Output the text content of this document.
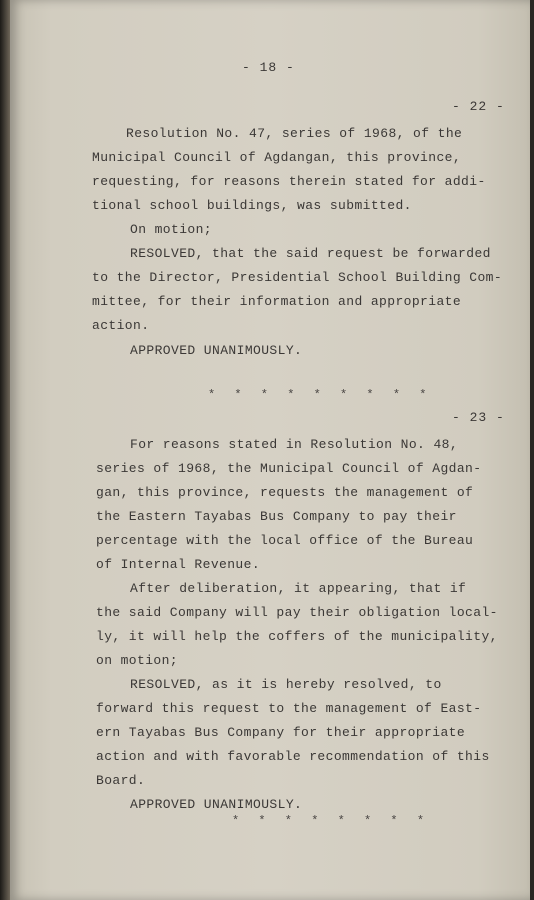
- 18 -
- 22 -
Resolution No. 47, series of 1968, of the
Municipal Council of Agdangan, this province,
requesting, for reasons therein stated for addi-
tional school buildings, was submitted.
On motion;
RESOLVED, that the said request be forwarded
to the Director, Presidential School Building Com-
mittee, for their information and appropriate
action.
APPROVED UNANIMOUSLY.
* * * * * * * * *
- 23 -
For reasons stated in Resolution No. 48,
series of 1968, the Municipal Council of Agdan-
gan, this province, requests the management of
the Eastern Tayabas Bus Company to pay their
percentage with the local office of the Bureau
of Internal Revenue.
After deliberation, it appearing, that if
the said Company will pay their obligation local-
ly, it will help the coffers of the municipality,
on motion;
RESOLVED, as it is hereby resolved, to
forward this request to the management of East-
ern Tayabas Bus Company for their appropriate
action and with favorable recommendation of this
Board.
APPROVED UNANIMOUSLY.
* * * * * * * *
